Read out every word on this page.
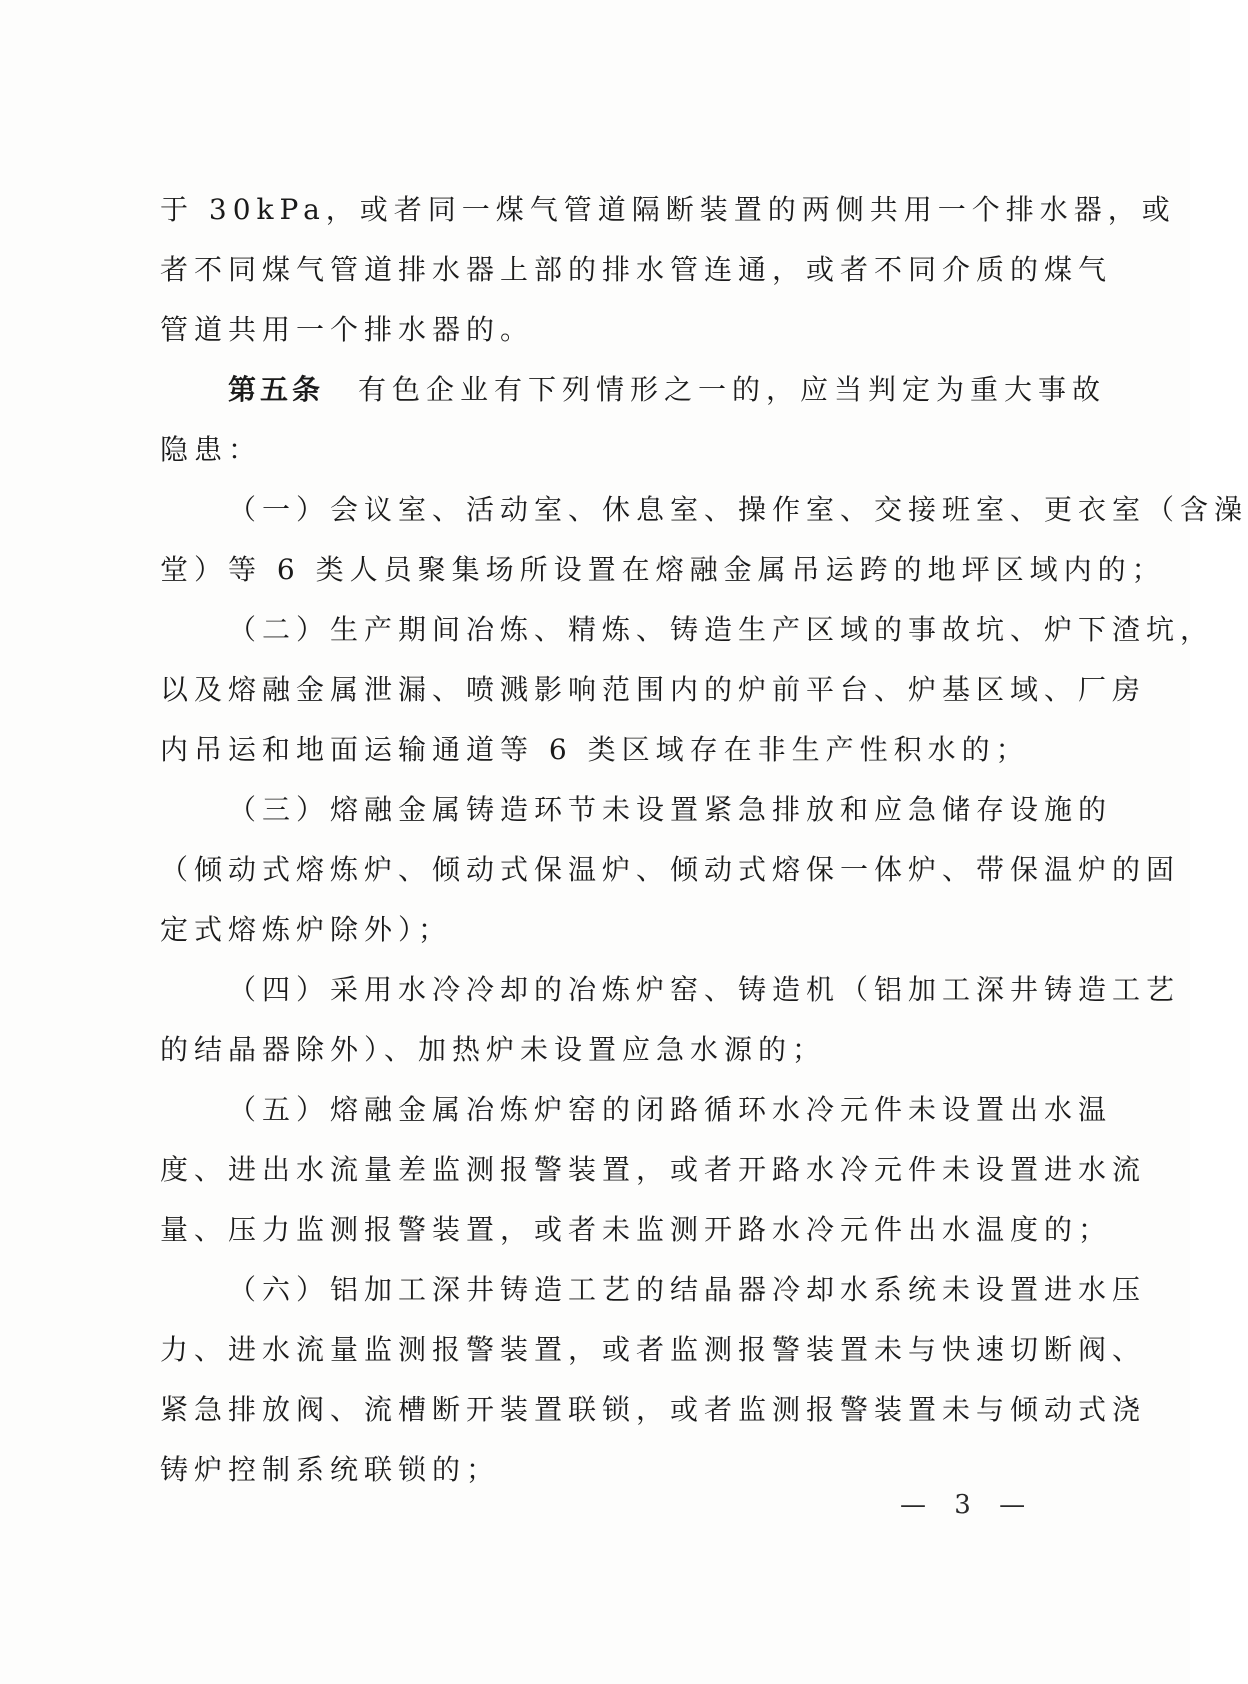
于 30kPa，或者同一煤气管道隔断装置的两侧共用一个排水器，或
者不同煤气管道排水器上部的排水管连通，或者不同介质的煤气
管道共用一个排水器的。
第五条　有色企业有下列情形之一的，应当判定为重大事故
隐患：
（一）会议室、活动室、休息室、操作室、交接班室、更衣室（含澡
堂）等 6 类人员聚集场所设置在熔融金属吊运跨的地坪区域内的；
（二）生产期间冶炼、精炼、铸造生产区域的事故坑、炉下渣坑，
以及熔融金属泄漏、喷溅影响范围内的炉前平台、炉基区域、厂房
内吊运和地面运输通道等 6 类区域存在非生产性积水的；
（三）熔融金属铸造环节未设置紧急排放和应急储存设施的
（倾动式熔炼炉、倾动式保温炉、倾动式熔保一体炉、带保温炉的固
定式熔炼炉除外）；
（四）采用水冷冷却的冶炼炉窑、铸造机（铝加工深井铸造工艺
的结晶器除外）、加热炉未设置应急水源的；
（五）熔融金属冶炼炉窑的闭路循环水冷元件未设置出水温
度、进出水流量差监测报警装置，或者开路水冷元件未设置进水流
量、压力监测报警装置，或者未监测开路水冷元件出水温度的；
（六）铝加工深井铸造工艺的结晶器冷却水系统未设置进水压
力、进水流量监测报警装置，或者监测报警装置未与快速切断阀、
紧急排放阀、流槽断开装置联锁，或者监测报警装置未与倾动式浇
铸炉控制系统联锁的；
— 3 —
